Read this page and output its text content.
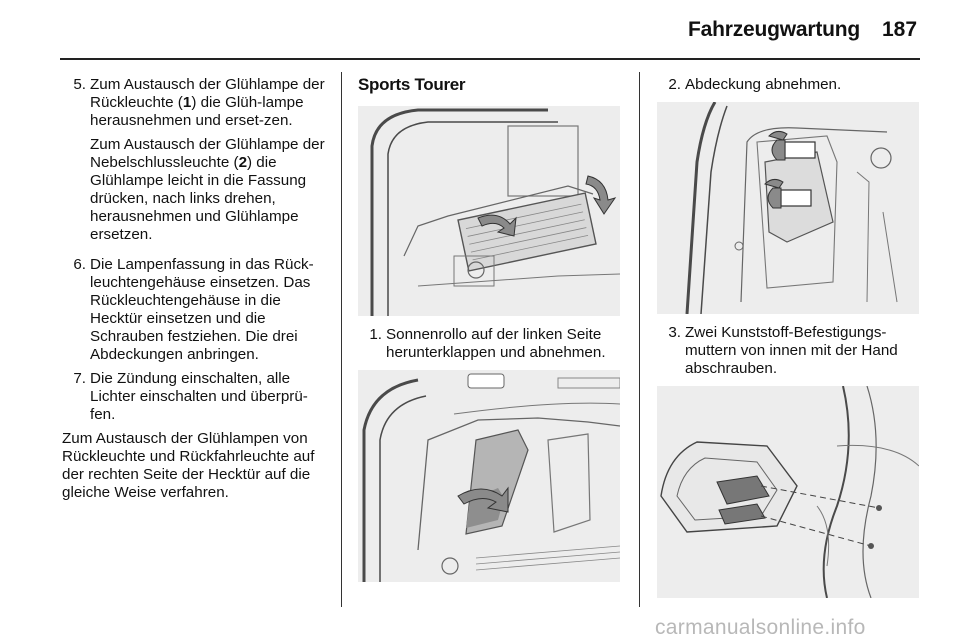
Fahrzeugwartung 187
5. Zum Austausch der Glühlampe der Rückleuchte (1) die Glüh-lampe herausnehmen und erset-zen.

Zum Austausch der Glühlampe der Nebelschlussleuchte (2) die Glühlampe leicht in die Fassung drücken, nach links drehen, herausnehmen und Glühlampe ersetzen.

6. Die Lampenfassung in das Rück-leuchtengehäuse einsetzen. Das Rückleuchtengehäuse in die Hecktür einsetzen und die Schrauben festziehen. Die drei Abdeckungen anbringen.
7. Die Zündung einschalten, alle Lichter einschalten und überprü-fen.

Zum Austausch der Glühlampen von Rückleuchte und Rückfahrleuchte auf der rechten Seite der Hecktür auf die gleiche Weise verfahren.

Sports Tourer

1. Sonnenrollo auf der linken Seite herunterklappen und abnehmen.
2. Abdeckung abnehmen.
3. Zwei Kunststoff-Befestigungs-muttern von innen mit der Hand abschrauben.
carmanualsonline.info
